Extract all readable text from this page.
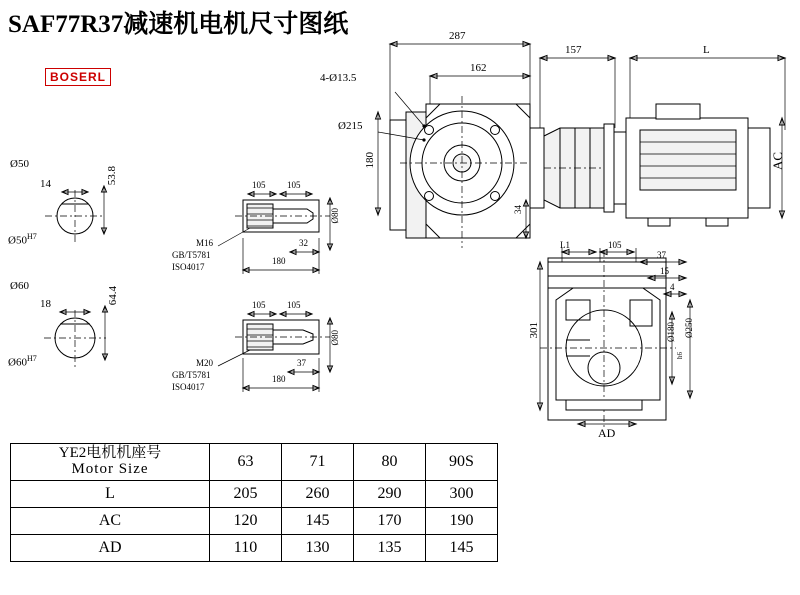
SAF77R37减速机电机尺寸图纸
BOSERL
287
162
157	L
4-Ø13.5
Ø215
180
34
AC
L1	105
37
15
4
301	Ø180
h6
Ø250
AD
Ø50
14	53.8
$Ø50^{H7}$
Ø60
18	64.4
$Ø60^{H7}$
105 105
32
180
Ø80
M16
GB/T5781
ISO4017
105 105
37
180
Ø80
M20
GB/T5781
ISO4017
YE2电机机座号
Motor Size	63	71	80	90S
L	205	260	290	300
AC	120	145	170	190
AD	110	130	135	145
